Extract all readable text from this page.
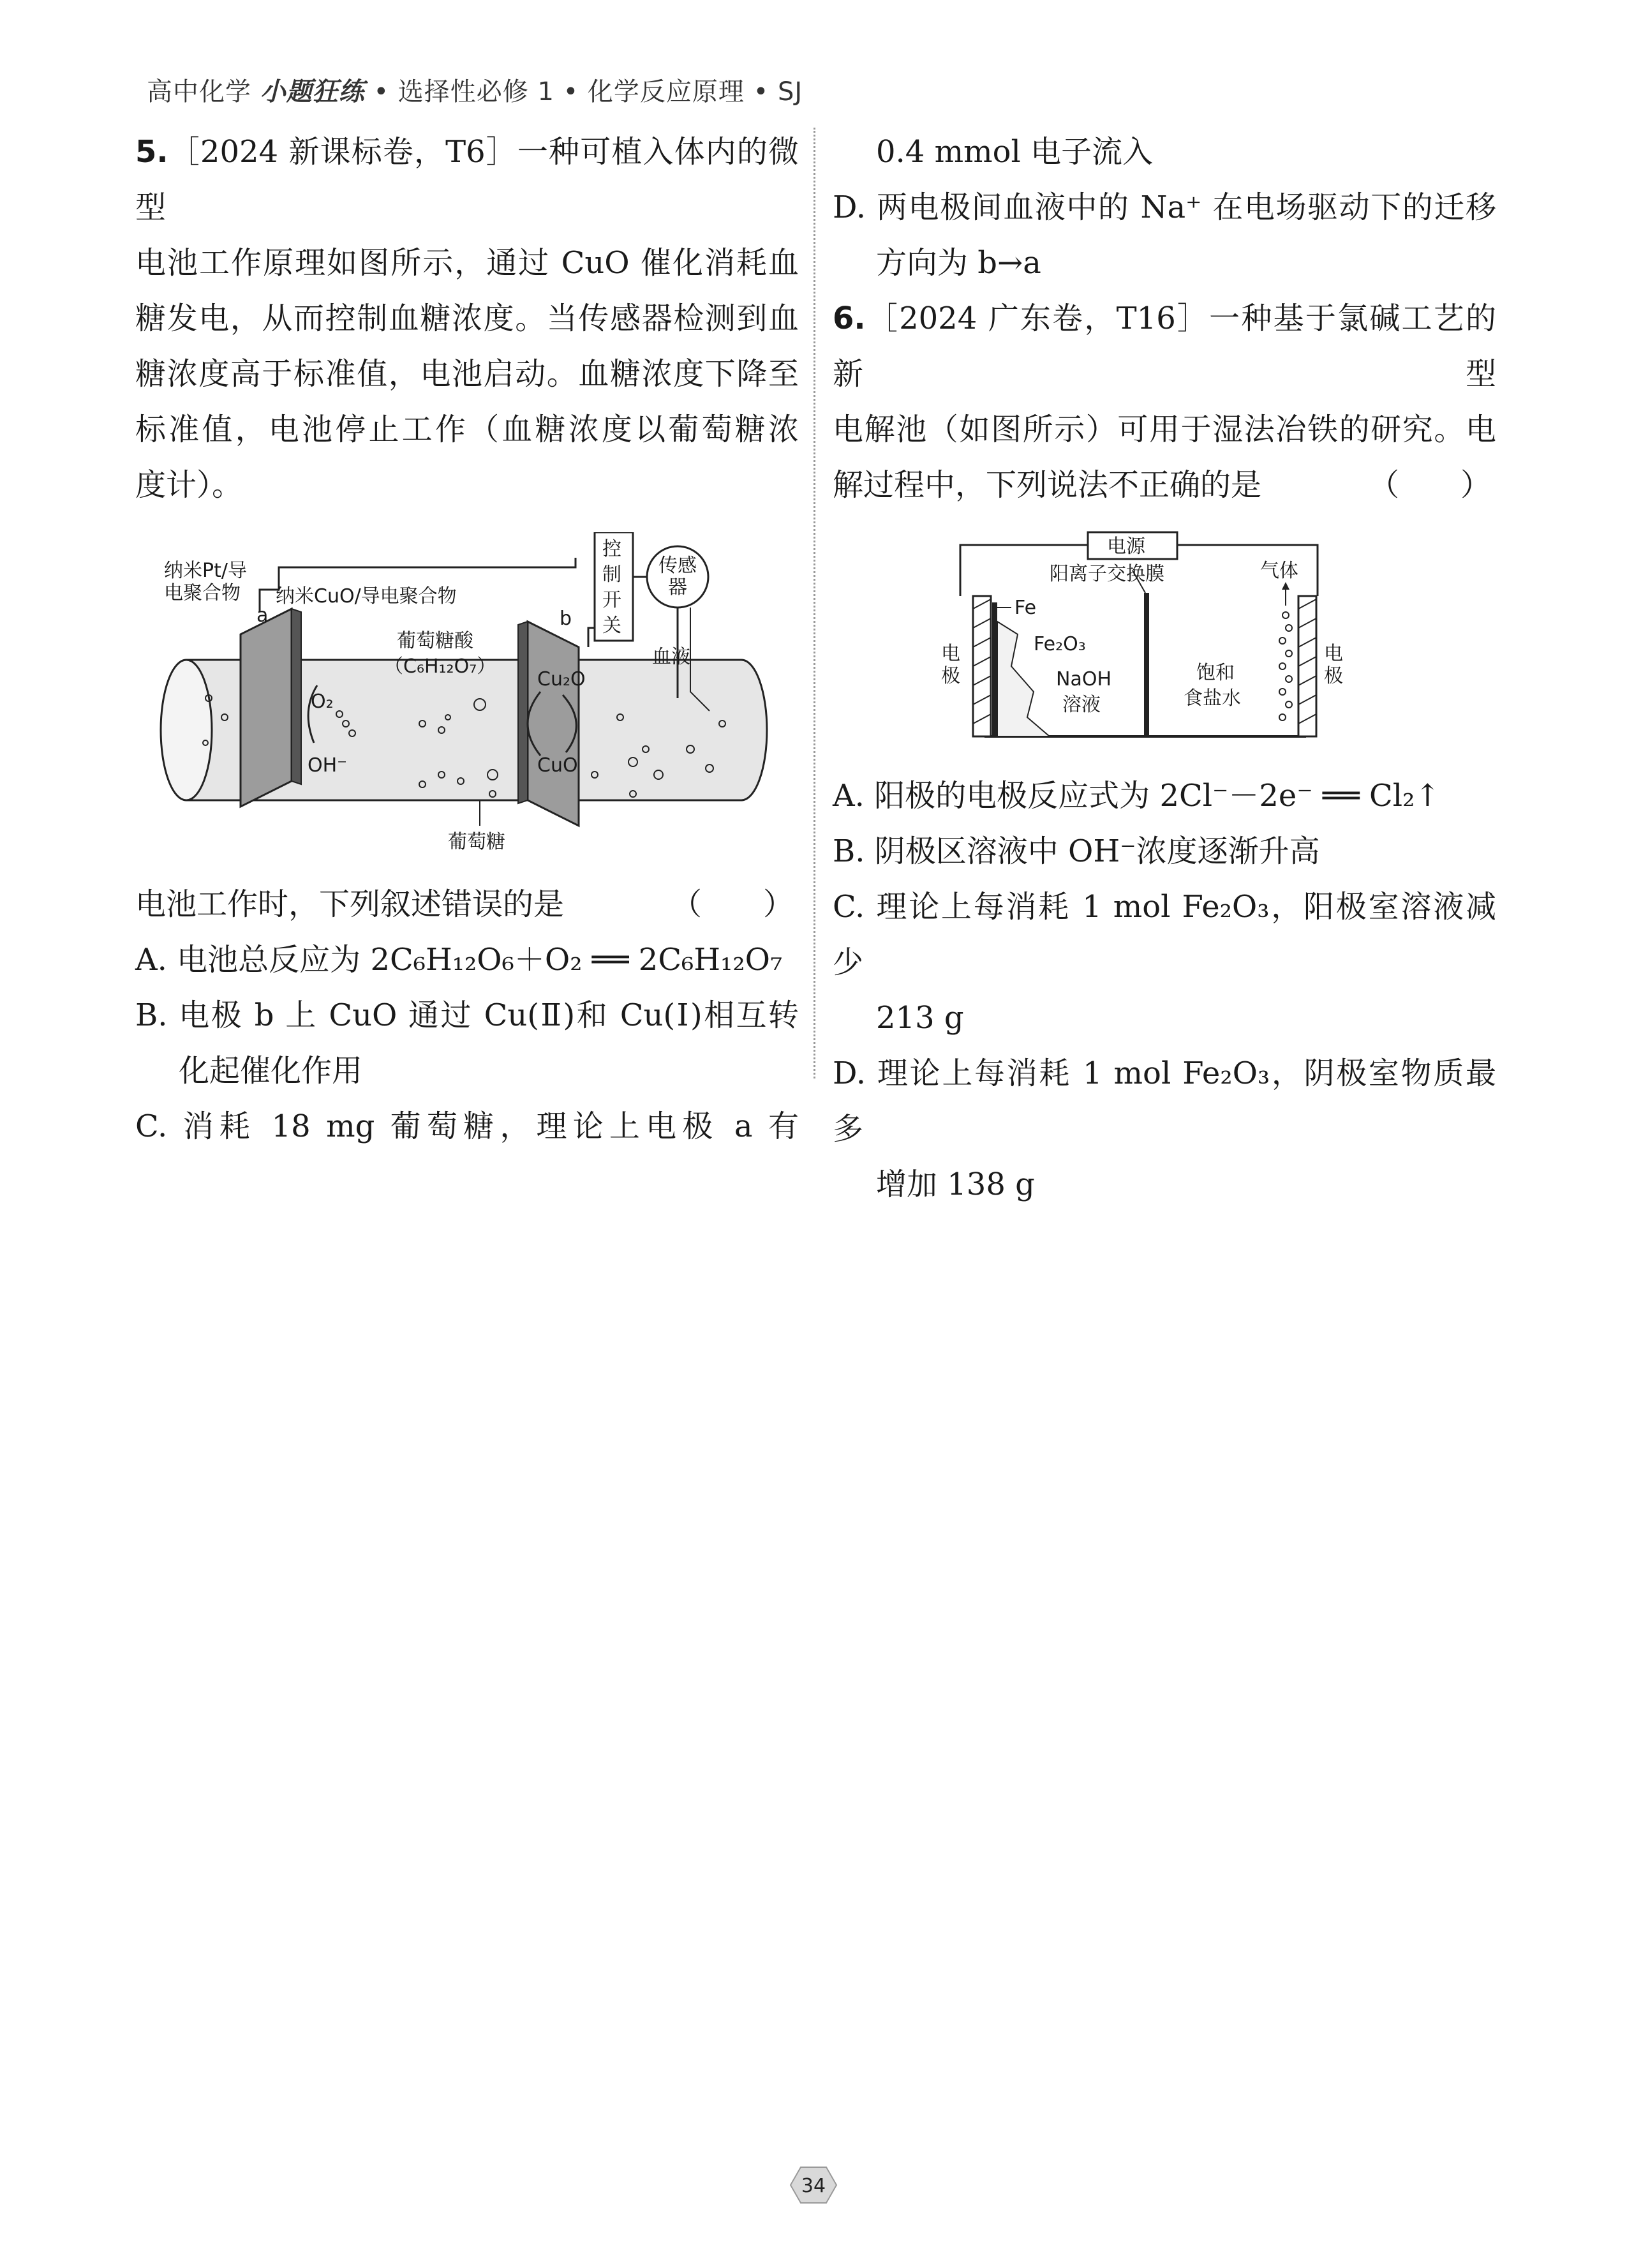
高中化学 小题狂练 • 选择性必修 1 • 化学反应原理 • SJ

5.［2024 新课标卷，T6］一种可植入体内的微型

电池工作原理如图所示，通过 CuO 催化消耗血

糖发电，从而控制血糖浓度。当传感器检测到血

糖浓度高于标准值，电池启动。血糖浓度下降至

标准值，电池停止工作（血糖浓度以葡萄糖浓

度计）。

纳米Pt/导
电聚合物
a
纳米CuO/导电聚合物
b
控
制
开
关
传感
器
葡萄糖酸
（C₆H₁₂O₇）
Cu₂O
CuO
O₂
OH⁻
血液
葡萄糖

电池工作时，下列叙述错误的是	（　　）

A. 电池总反应为 2C₆H₁₂O₆＋O₂ ══ 2C₆H₁₂O₇

B. 电极 b 上 CuO 通过 Cu(Ⅱ)和 Cu(Ⅰ)相互转

化起催化作用

C. 消耗 18 mg 葡萄糖，理论上电极 a 有

0.4 mmol 电子流入

D. 两电极间血液中的 Na⁺ 在电场驱动下的迁移

方向为 b→a

6.［2024 广东卷，T16］一种基于氯碱工艺的新型

电解池（如图所示）可用于湿法冶铁的研究。电

解过程中，下列说法不正确的是	（　　）

电源
阳离子交换膜	气体
Fe
Fe₂O₃
NaOH
溶液
饱和
食盐水
电
极
电
极

A. 阳极的电极反应式为 2Cl⁻－2e⁻ ══ Cl₂↑

B. 阴极区溶液中 OH⁻浓度逐渐升高

C. 理论上每消耗 1 mol Fe₂O₃，阳极室溶液减少

213 g

D. 理论上每消耗 1 mol Fe₂O₃，阴极室物质最多

增加 138 g

34
